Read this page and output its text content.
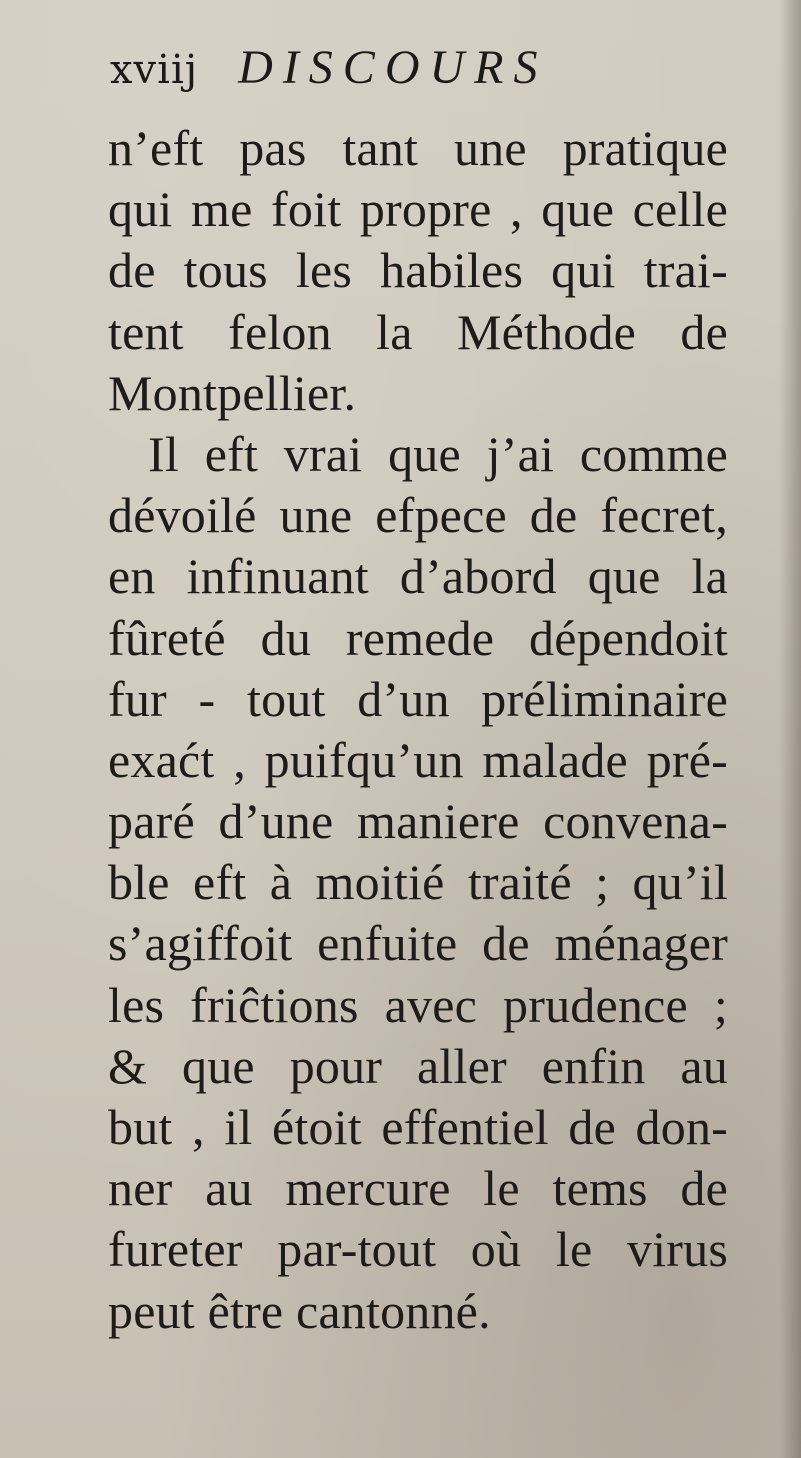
xviij DISCOURS
n’eft pas tant une pratique
qui me foit propre , que celle
de tous les habiles qui trai-
tent felon la Méthode de
Montpellier.
Il eft vrai que j’ai comme
dévoilé une efpece de fecret,
en infinuant d’abord que la
fûreté du remede dépendoit
fur - tout d’un préliminaire
exaćt , puifqu’un malade pré-
paré d’une maniere convena-
ble eft à moitié traité ; qu’il
s’agiffoit enfuite de ménager
les friĉtions avec prudence ;
& que pour aller enfin au
but , il étoit effentiel de don-
ner au mercure le tems de
fureter par-tout où le virus
peut être cantonné.
